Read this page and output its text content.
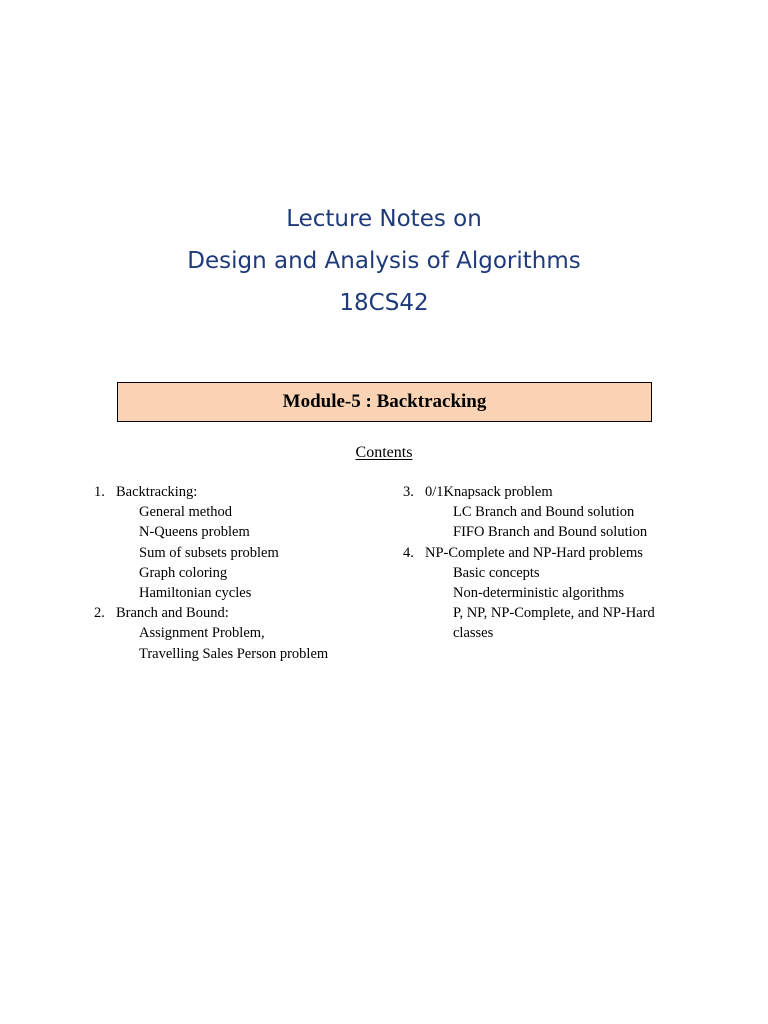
Lecture Notes on
Design and Analysis of Algorithms
18CS42
Module-5 : Backtracking
Contents
1. Backtracking:
General method
N-Queens problem
Sum of subsets problem
Graph coloring
Hamiltonian cycles
2. Branch and Bound:
Assignment Problem,
Travelling Sales Person problem
3. 0/1Knapsack problem
LC Branch and Bound solution
FIFO Branch and Bound solution
4. NP-Complete and NP-Hard problems
Basic concepts
Non-deterministic algorithms
P, NP, NP-Complete, and NP-Hard
classes
